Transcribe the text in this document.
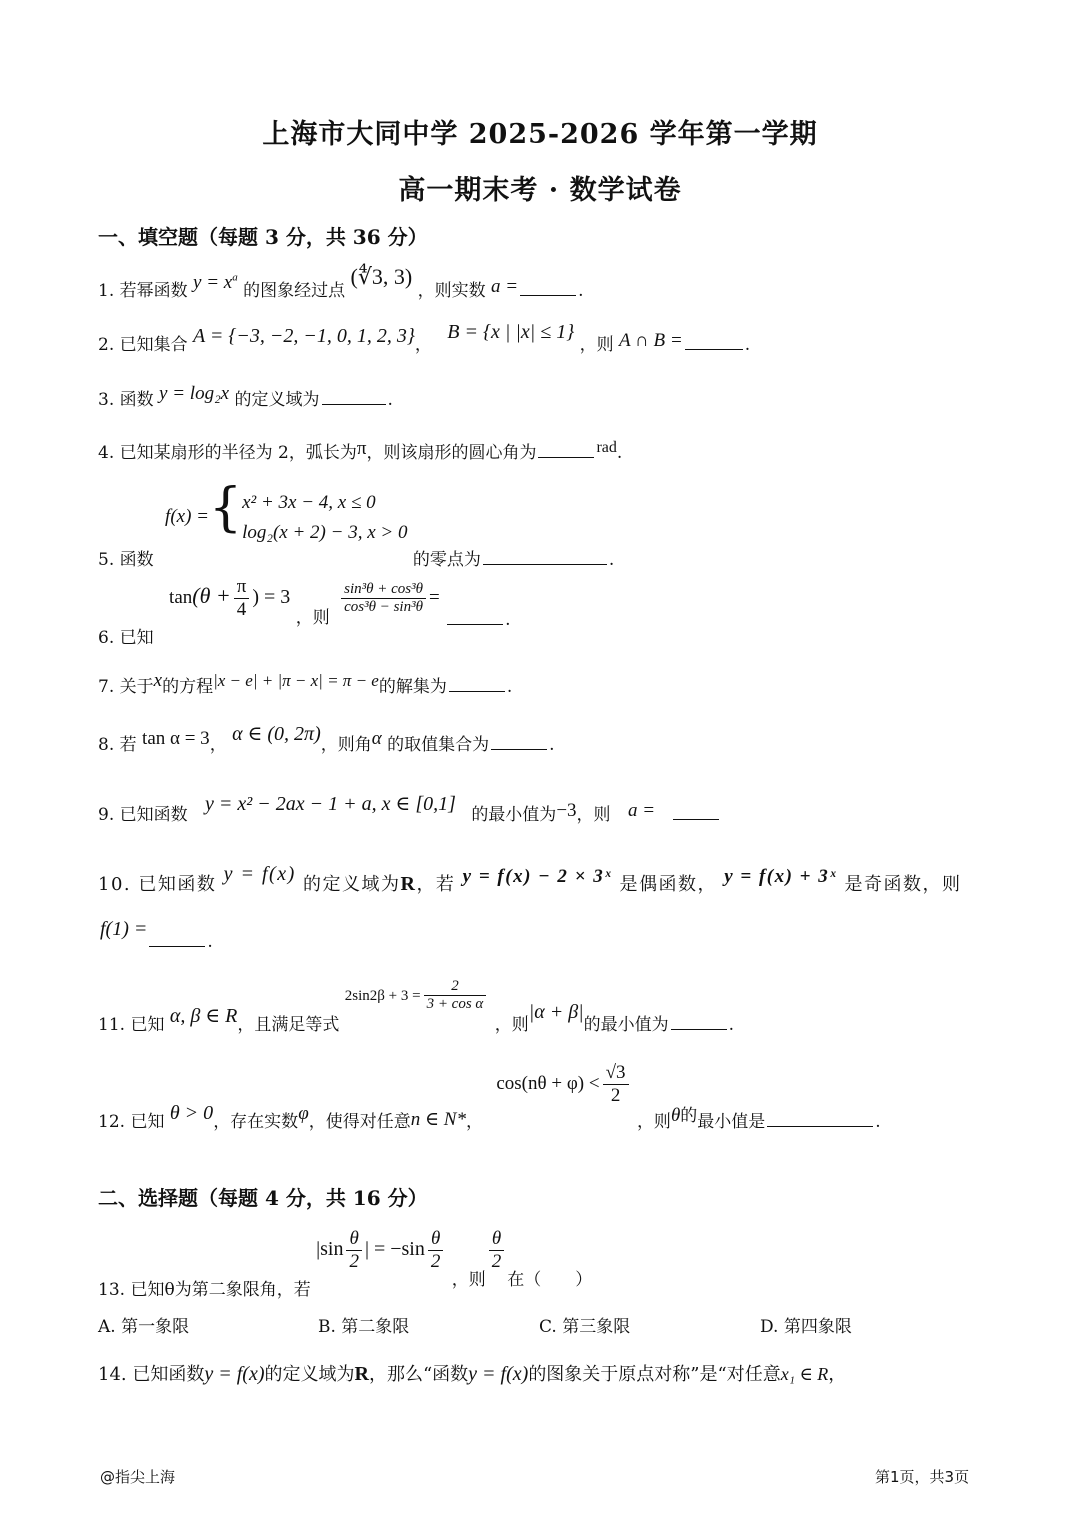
上海市大同中学 2025-2026 学年第一学期
高一期末考 · 数学试卷
一、填空题（每题 3 分，共 36 分）
1. 若幂函数 $y = x^a$ 的图象经过点 (∜3, 3) ，则实数 a =	.
2. 已知集合 A = {−3, −2, −1, 0, 1, 2, 3}， B = {x | |x| ≤ 1} ，则 A ∩ B =	.
3. 函数 y = log₂x 的定义域为	.
4. 已知某扇形的半径为 2，弧长为π，则该扇形的圆心角为	rad.
5. 函数 f(x) ={ x² + 3x − 4, x ≤ 0
log₂(x + 2) − 3, x > 0
的零点为	.
6. 已知 $\tan(\theta + \frac{\pi}{4}$ ) = 3 ，则
$\frac{\text{sin³θ + cos³θ}}{\text{cos³θ − sin³θ}}$ = .
7. 关于x的方程|x − e| + |π − x| = π − e的解集为	.
8. 若 tan α = 3， α ∈ (0, 2π)，则角α 的取值集合为	.
9. 已知函数 y = x² − 2ax − 1 + a, x ∈ [0,1] 的最小值为−3，则 a =
10. 已知函数 y = f(x) 的定义域为R，若 y = f(x) − 2 × 3ˣ 是偶函数， y = f(x) + 3ˣ 是奇函数，则
f(1) =.
11. 已知 α, β ∈ R，且满足等式 $2\sin 2\beta + 3 = \frac{2}{\text{3 + cos α}}$
，则|α + β|的最小值为	.
12. 已知 θ > 0，存在实数φ，使得对任意n ∈ N*， $\cos(n\theta + \varphi) < \frac{√3}{2}$
，则θ的最小值是	.
二、选择题（每题 4 分，共 16 分）
13. 已知θ为第二象限角，若 $|\sin \frac{\theta}{2}$ | = $-\sin \frac{\theta}{2}$
，则
$\frac{\theta}{2}$
在（　　）
A. 第一象限	B. 第二象限	C. 第三象限	D. 第四象限
14. 已知函数y = f(x)的定义域为R，那么“函数y = f(x)的图象关于原点对称”是“对任意x₁ ∈ R，
@指尖上海	第1页，共3页
